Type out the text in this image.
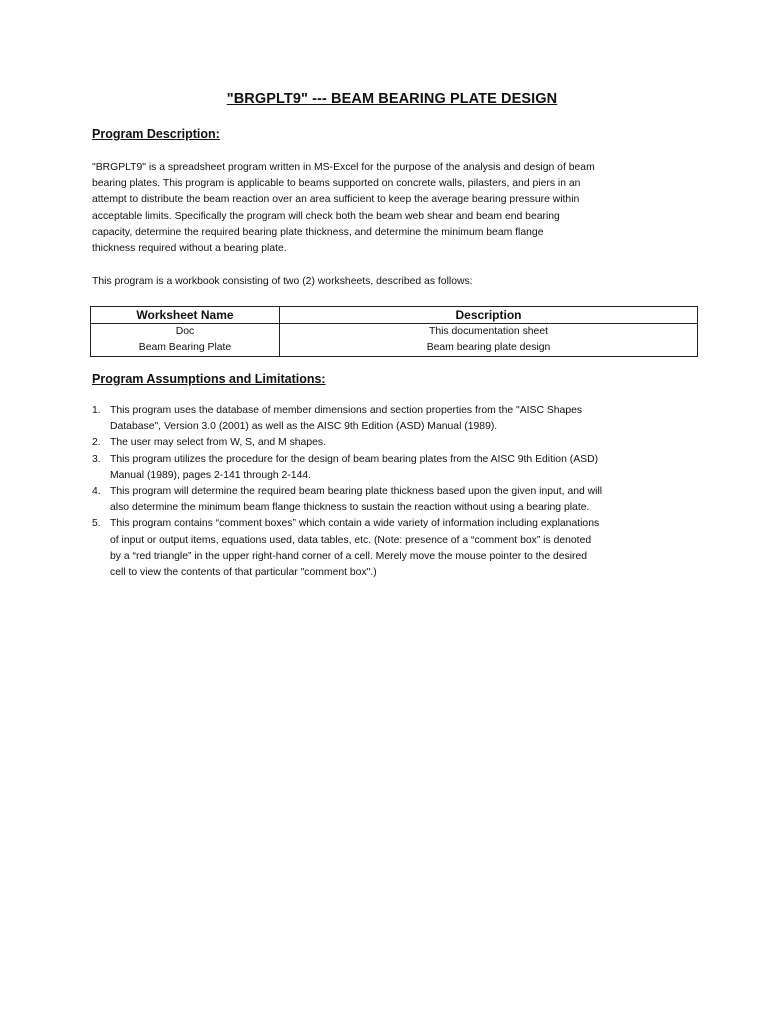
"BRGPLT9" --- BEAM BEARING PLATE DESIGN
Program Description:

"BRGPLT9" is a spreadsheet program written in MS-Excel for the purpose of the analysis and design of beam
bearing plates. This program is applicable to beams supported on concrete walls, pilasters, and piers in an
attempt to distribute the beam reaction over an area sufficient to keep the average bearing pressure within
acceptable limits. Specifically the program will check both the beam web shear and beam end bearing
capacity, determine the required bearing plate thickness, and determine the minimum beam flange
thickness required without a bearing plate.

This program is a workbook consisting of two (2) worksheets, described as follows:

Worksheet Name	Description
Doc	This documentation sheet
Beam Bearing Plate	Beam bearing plate design
Program Assumptions and Limitations:
1. This program uses the database of member dimensions and section properties from the "AISC Shapes
Database", Version 3.0 (2001) as well as the AISC 9th Edition (ASD) Manual (1989).
2. The user may select from W, S, and M shapes.
3. This program utilizes the procedure for the design of beam bearing plates from the AISC 9th Edition (ASD)
Manual (1989), pages 2-141 through 2-144.
4. This program will determine the required beam bearing plate thickness based upon the given input, and will
also determine the minimum beam flange thickness to sustain the reaction without using a bearing plate.
5. This program contains “comment boxes” which contain a wide variety of information including explanations
of input or output items, equations used, data tables, etc. (Note: presence of a “comment box” is denoted
by a “red triangle” in the upper right-hand corner of a cell. Merely move the mouse pointer to the desired
cell to view the contents of that particular "comment box".)
